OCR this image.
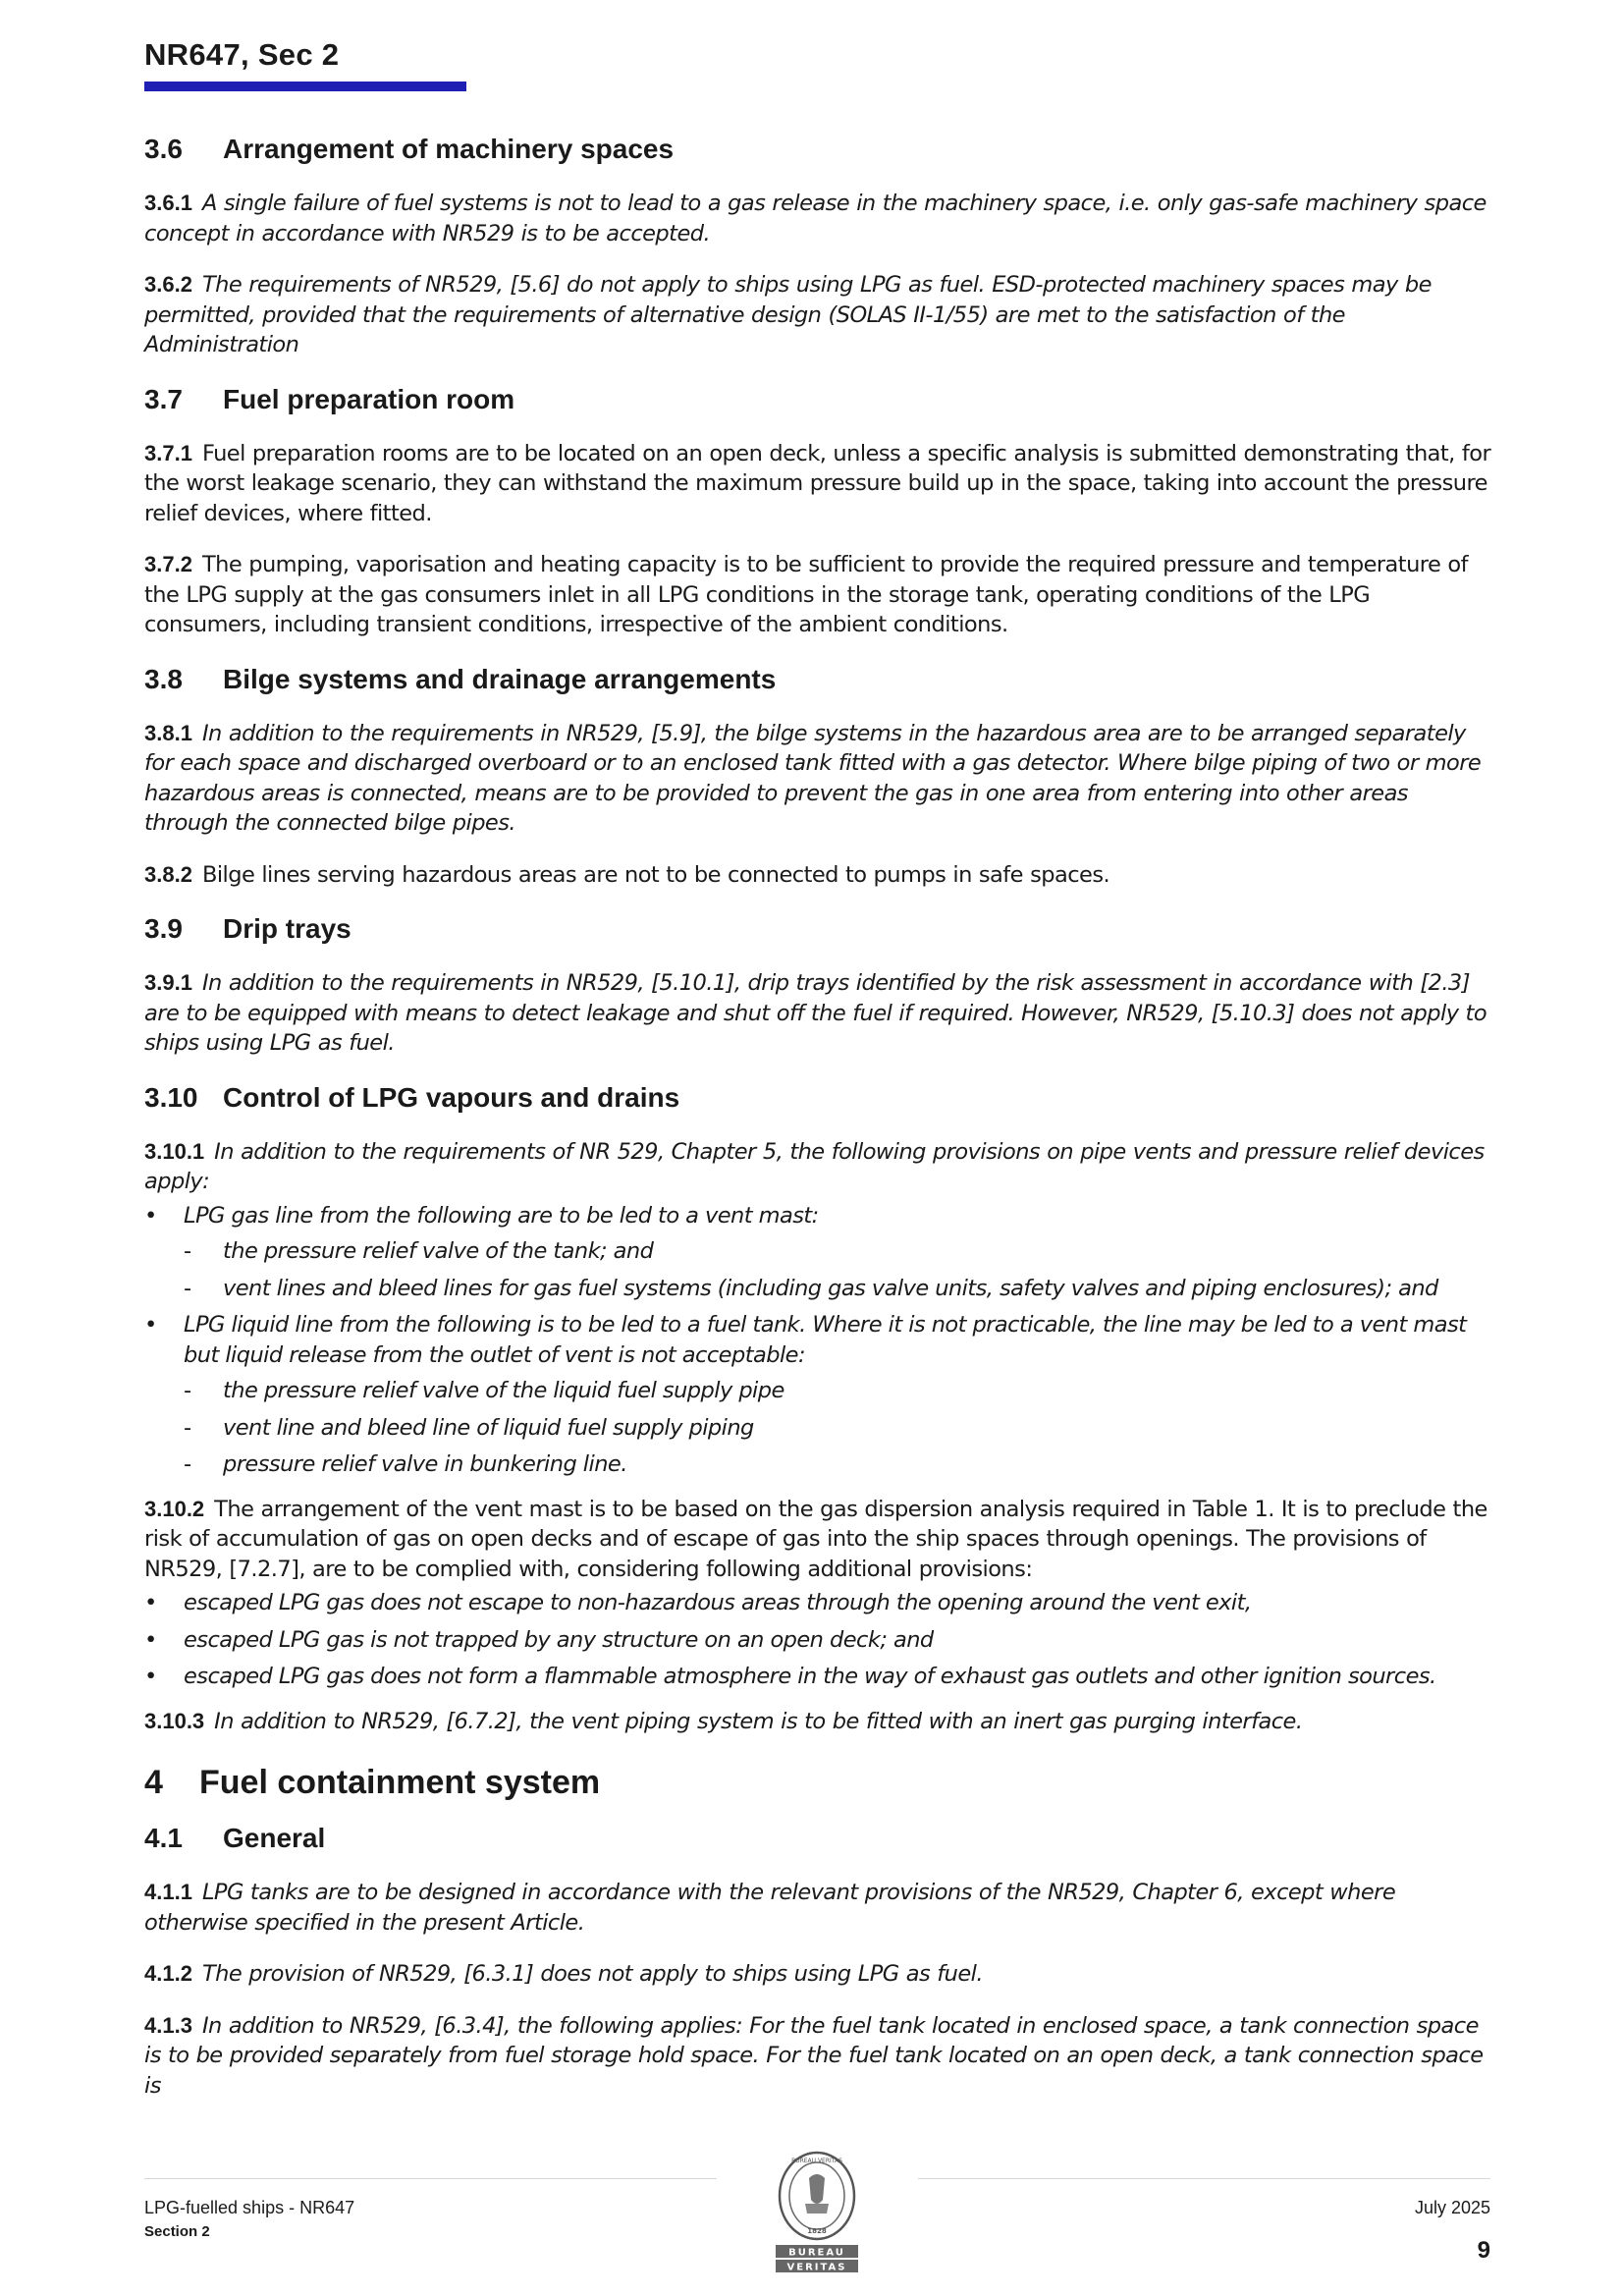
NR647, Sec 2
3.6	Arrangement of machinery spaces

3.6.1 A single failure of fuel systems is not to lead to a gas release in the machinery space, i.e. only gas-safe machinery space concept in accordance with NR529 is to be accepted.

3.6.2 The requirements of NR529, [5.6] do not apply to ships using LPG as fuel. ESD-protected machinery spaces may be permitted, provided that the requirements of alternative design (SOLAS II-1/55) are met to the satisfaction of the Administration

3.7	Fuel preparation room

3.7.1 Fuel preparation rooms are to be located on an open deck, unless a specific analysis is submitted demonstrating that, for the worst leakage scenario, they can withstand the maximum pressure build up in the space, taking into account the pressure relief devices, where fitted.

3.7.2 The pumping, vaporisation and heating capacity is to be sufficient to provide the required pressure and temperature of the LPG supply at the gas consumers inlet in all LPG conditions in the storage tank, operating conditions of the LPG consumers, including transient conditions, irrespective of the ambient conditions.

3.8	Bilge systems and drainage arrangements

3.8.1 In addition to the requirements in NR529, [5.9], the bilge systems in the hazardous area are to be arranged separately for each space and discharged overboard or to an enclosed tank fitted with a gas detector. Where bilge piping of two or more hazardous areas is connected, means are to be provided to prevent the gas in one area from entering into other areas through the connected bilge pipes.

3.8.2 Bilge lines serving hazardous areas are not to be connected to pumps in safe spaces.

3.9	Drip trays

3.9.1 In addition to the requirements in NR529, [5.10.1], drip trays identified by the risk assessment in accordance with [2.3] are to be equipped with means to detect leakage and shut off the fuel if required. However, NR529, [5.10.3] does not apply to ships using LPG as fuel.

3.10 Control of LPG vapours and drains

3.10.1 In addition to the requirements of NR 529, Chapter 5, the following provisions on pipe vents and pressure relief devices apply:

• LPG gas line from the following are to be led to a vent mast:
- the pressure relief valve of the tank; and
- vent lines and bleed lines for gas fuel systems (including gas valve units, safety valves and piping enclosures); and
• LPG liquid line from the following is to be led to a fuel tank. Where it is not practicable, the line may be led to a vent mast but liquid release from the outlet of vent is not acceptable:
- the pressure relief valve of the liquid fuel supply pipe
- vent line and bleed line of liquid fuel supply piping
- pressure relief valve in bunkering line.

3.10.2 The arrangement of the vent mast is to be based on the gas dispersion analysis required in Table 1. It is to preclude the risk of accumulation of gas on open decks and of escape of gas into the ship spaces through openings. The provisions of NR529, [7.2.7], are to be complied with, considering following additional provisions:

• escaped LPG gas does not escape to non-hazardous areas through the opening around the vent exit,
• escaped LPG gas is not trapped by any structure on an open deck; and
• escaped LPG gas does not form a flammable atmosphere in the way of exhaust gas outlets and other ignition sources.

3.10.3 In addition to NR529, [6.7.2], the vent piping system is to be fitted with an inert gas purging interface.

4	Fuel containment system
4.1	General

4.1.1 LPG tanks are to be designed in accordance with the relevant provisions of the NR529, Chapter 6, except where otherwise specified in the present Article.

4.1.2 The provision of NR529, [6.3.1] does not apply to ships using LPG as fuel.

4.1.3 In addition to NR529, [6.3.4], the following applies: For the fuel tank located in enclosed space, a tank connection space is to be provided separately from fuel storage hold space. For the fuel tank located on an open deck, a tank connection space is

LPG-fuelled ships - NR647
Section 2
July 2025
9
BUREAU VERITAS
1828
BUREAU
VERITAS
